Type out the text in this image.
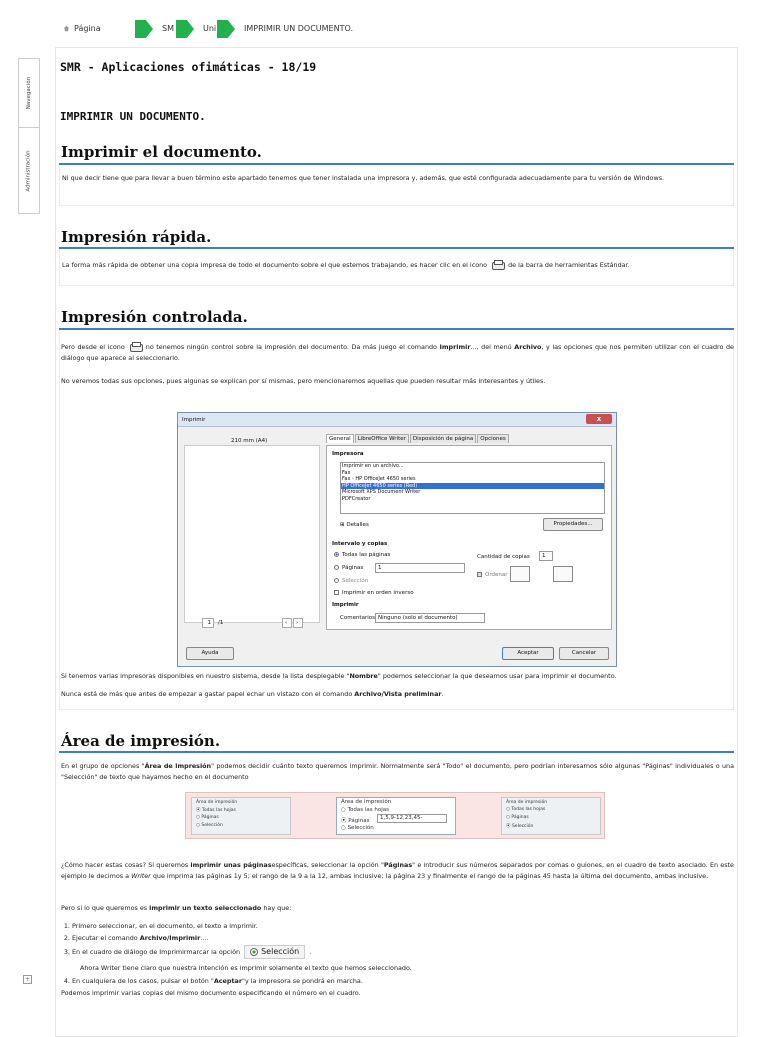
Página	SM	Uni	IMPRIMIR UN DOCUMENTO.
Navegación
Administración
+
SMR - Aplicaciones ofimáticas - 18/19
IMPRIMIR UN DOCUMENTO.
Imprimir el documento.
Ni que decir tiene que para llevar a buen término este apartado tenemos que tener instalada una impresora y, además, que esté configurada adecuadamente para tu versión de Windows.
Impresión rápida.
La forma más rápida de obtener una copia impresa de todo el documento sobre el que estemos trabajando, es hacer clic en el icono	de la barra de herramientas Estándar.
Impresión controlada.
Pero desde el icono	no tenemos ningún control sobre la impresión del documento. Da más juego el comando Imprimir..., del menú Archivo, y las opciones que nos permiten utilizar con el cuadro de diálogo que aparece al seleccionarlo.
No veremos todas sus opciones, pues algunas se explican por sí mismas, pero mencionaremos aquellas que pueden resultar más interesantes y útiles.
Imprimir	x
210 mm (A4)
1	/1	‹	›
General	LibreOffice Writer	Disposición de página	Opciones
Impresora
Imprimir en un archivo...
Fax
Fax - HP OfficeJet 4650 series
HP OfficeJet 4650 series (Red)
Microsoft XPS Document Writer
PDFCreator
⊞ Detalles	Propiedades...
Intervalo y copias
Todas las páginas
Páginas	1
Selección
Imprimir en orden inverso
Cantidad de copias	1
Ordenar
Imprimir
Comentarios Ninguno (solo el documento)
Ayuda	Aceptar	Cancelar
Si tenemos varias impresoras disponibles en nuestro sistema, desde la lista desplegable "Nombre" podemos seleccionar la que deseamos usar para imprimir el documento.
Nunca está de más que antes de empezar a gastar papel echar un vistazo con el comando Archivo/Vista preliminar.
Área de impresión.
En el grupo de opciones "Área de impresión" podemos decidir cuánto texto queremos imprimir. Normalmente será "Todo" el documento, pero podrían interesarnos sólo algunas "Páginas" individuales o una "Selección" de texto que hayamos hecho en el documento
Área de impresión
⦿ Todas las hojas
○ Páginas
○ Selección
Área de impresión
○ Todas las hojas
⦿ Páginas
○ Selección
1,5,9-12,23,45-
Área de impresión
○ Todas las hojas
○ Páginas
⦿ Selección
¿Cómo hacer estas cosas? Si queremos imprimir unas páginasespecíficas, seleccionar la opción "Páginas" e introducir sus números separados por comas o guiones, en el cuadro de texto asociado. En este ejemplo le decimos a Writer que imprima las páginas 1y 5; el rango de la 9 a la 12, ambas inclusive; la página 23 y finalmente el rango de la páginas 45 hasta la última del documento, ambas inclusive.
Pero si lo que queremos es imprimir un texto seleccionado hay que:
1. Primero seleccionar, en el documento, el texto a imprimir.
2. Ejecutar el comando Archivo/Imprimir....
3. En el cuadro de diálogo de Imprimirmarcar la opción	Selección .
Ahora Writer tiene claro que nuestra intención es imprimir solamente el texto que hemos seleccionado.
4. En cualquiera de los casos, pulsar el botón "Aceptar"y la impresora se pondrá en marcha.
Podemos imprimir varias copias del mismo documento especificando el número en el cuadro.
